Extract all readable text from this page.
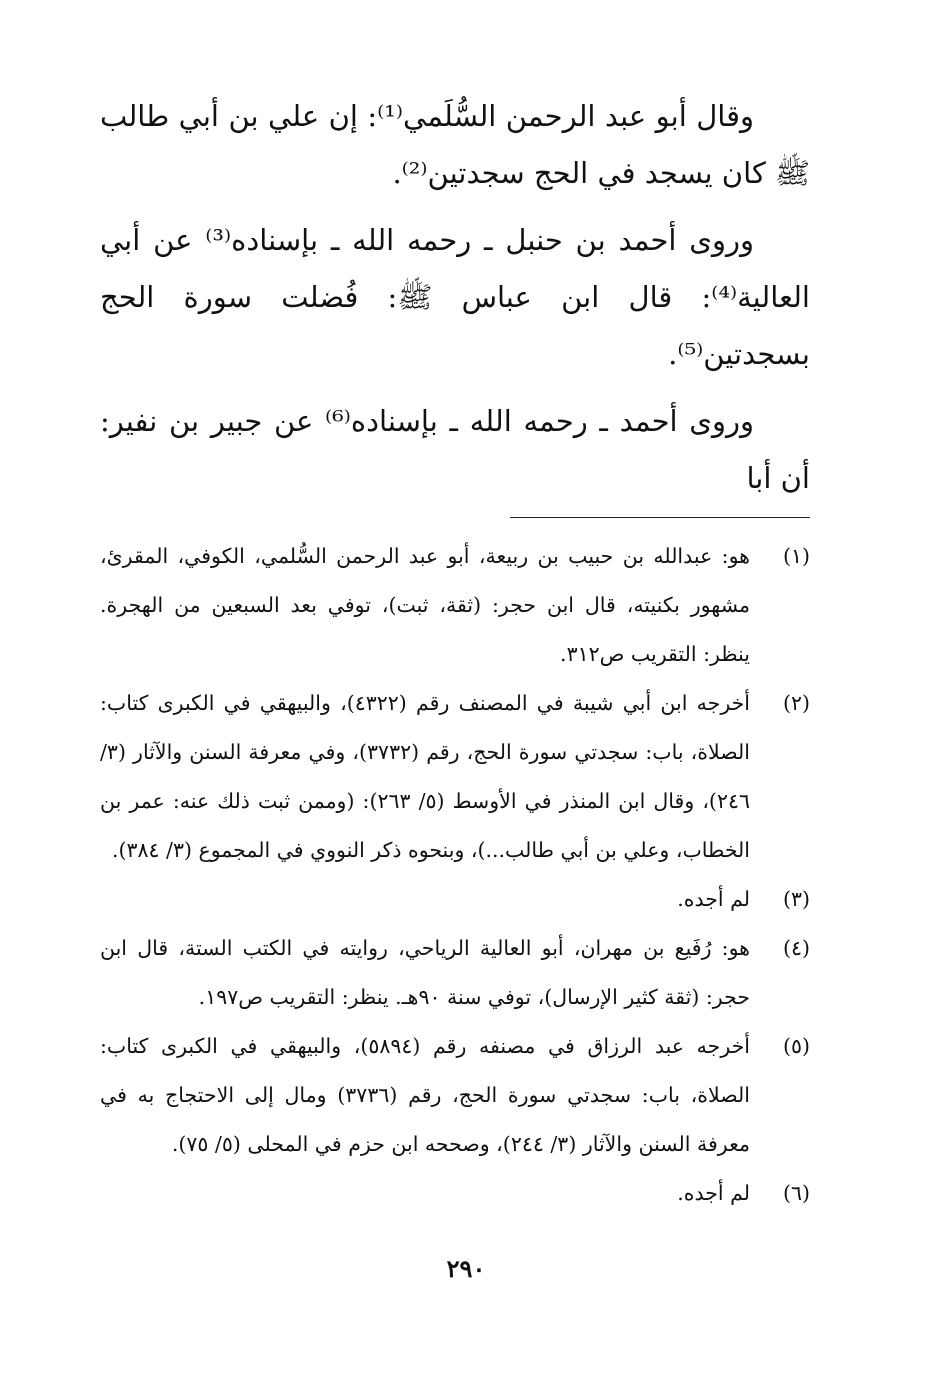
وقال أبو عبد الرحمن السُّلَمي⁽¹⁾: إن علي بن أبي طالب ﷺ كان يسجد في الحج سجدتين⁽²⁾.

وروى أحمد بن حنبل ـ رحمه الله ـ بإسناده⁽³⁾ عن أبي العالية⁽⁴⁾: قال ابن عباس ﷺ: فُضلت سورة الحج بسجدتين⁽⁵⁾.

وروى أحمد ـ رحمه الله ـ بإسناده⁽⁶⁾ عن جبير بن نفير: أن أبا

(١)
هو: عبدالله بن حبيب بن ربيعة، أبو عبد الرحمن السُّلمي، الكوفي، المقرئ، مشهور بكنيته، قال ابن حجر: (ثقة، ثبت)، توفي بعد السبعين من الهجرة. ينظر: التقريب ص٣١٢.
(٢)
أخرجه ابن أبي شيبة في المصنف رقم (٤٣٢٢)، والبيهقي في الكبرى كتاب: الصلاة، باب: سجدتي سورة الحج، رقم (٣٧٣٢)، وفي معرفة السنن والآثار (٣/ ٢٤٦)، وقال ابن المنذر في الأوسط (٥/ ٢٦٣): (وممن ثبت ذلك عنه: عمر بن الخطاب، وعلي بن أبي طالب...)، وبنحوه ذكر النووي في المجموع (٣/ ٣٨٤).
(٣)
لم أجده.
(٤)
هو: رُفَيع بن مهران، أبو العالية الرياحي، روايته في الكتب الستة، قال ابن حجر: (ثقة كثير الإرسال)، توفي سنة ٩٠هـ. ينظر: التقريب ص١٩٧.
(٥)
أخرجه عبد الرزاق في مصنفه رقم (٥٨٩٤)، والبيهقي في الكبرى كتاب: الصلاة، باب: سجدتي سورة الحج، رقم (٣٧٣٦) ومال إلى الاحتجاج به في معرفة السنن والآثار (٣/ ٢٤٤)، وصححه ابن حزم في المحلى (٥/ ٧٥).
(٦)
لم أجده.
٢٩٠
